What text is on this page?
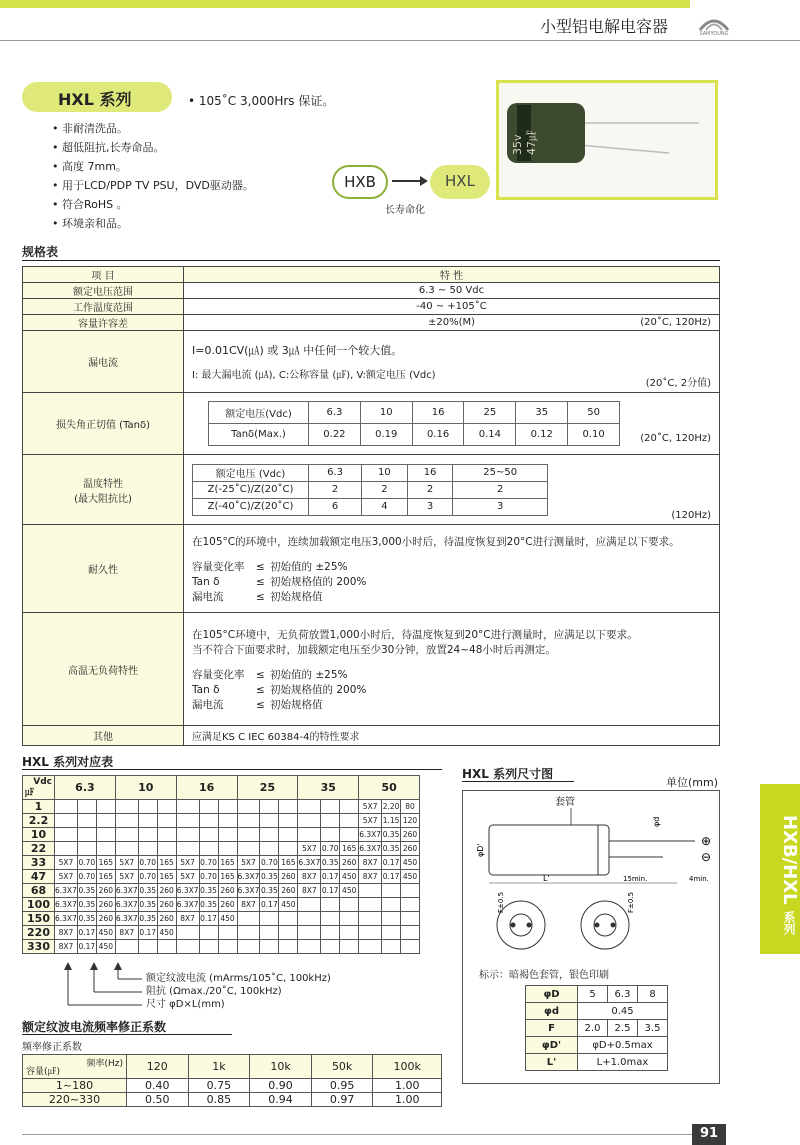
小型铝电解电容器	SAMYOUNG
HXL 系列	• 105˚C 3,000Hrs 保证。
• 非耐清洗品。
• 超低阻抗,长寿命品。
• 高度 7mm。
• 用于LCD/PDP TV PSU，DVD驱动器。
• 符合RoHS 。
• 环境亲和品。
HXB	HXL
长寿命化
35v 47㎌
规格表
项 目	特 性
额定电压范围	6.3 ~ 50 Vdc
工作温度范围	-40 ~ +105˚C
容量许容差	±20%(M)	(20˚C, 120Hz)

漏电流	
I=0.01CV(㎂) 或 3㎂ 中任何一个较大值。
I: 最大漏电流 (㎂), C:公称容量 (㎌), V:额定电压 (Vdc)
(20˚C, 2分值)

损失角正切值 (Tanδ)	
额定电压(Vdc)	6.3	10	16	25	35	50
Tanδ(Max.)	0.22	0.19	0.16	0.14	0.12	0.10	(20˚C, 120Hz)

温度特性
(最大阻抗比)

额定电压 (Vdc)	6.3	10	16	25~50
Z(-25˚C)/Z(20˚C)	2	2	2	2
Z(-40˚C)/Z(20˚C)	6	4	3	3
(120Hz)

耐久性	
在105°C的环境中，连续加载额定电压3,000小时后，待温度恢复到20°C进行测量时，应满足以下要求。
容量变化率 ≤ 初始值的 ±25%
Tan δ	≤ 初始规格值的 200%
漏电流	≤ 初始规格值

高温无负荷特性	
在105°C环境中，无负荷放置1,000小时后，待温度恢复到20°C进行测量时，应满足以下要求。
当不符合下面要求时，加载额定电压至少30分钟，放置24~48小时后再测定。
容量变化率 ≤ 初始值的 ±25%
Tan δ	≤ 初始规格值的 200%
漏电流	≤ 初始规格值

其他	应满足KS C IEC 60384-4的特性要求
HXL 系列对应表
Vdc
㎌	6.3			10			16			25			35			50		
1																5X7	2.20	80
2.2																5X7	1.15	120
10																6.3X7	0.35	260
22													5X7	0.70	165	6.3X7	0.35	260
33	5X7	0.70	165	5X7	0.70	165	5X7	0.70	165	5X7	0.70	165	6.3X7	0.35	260	8X7	0.17	450
47	5X7	0.70	165	5X7	0.70	165	5X7	0.70	165	6.3X7	0.35	260	8X7	0.17	450	8X7	0.17	450
68	6.3X7	0.35	260	6.3X7	0.35	260	6.3X7	0.35	260	6.3X7	0.35	260	8X7	0.17	450			
100	6.3X7	0.35	260	6.3X7	0.35	260	6.3X7	0.35	260	8X7	0.17	450						
150	6.3X7	0.35	260	6.3X7	0.35	260	8X7	0.17	450									
220	8X7	0.17	450	8X7	0.17	450												
330	8X7	0.17	450															
额定纹波电流 (mArms/105˚C, 100kHz)
阻抗 (Ωmax./20˚C, 100kHz)
尺寸 φD×L(mm)
额定纹波电流频率修正系数
频率修正系数
频率(Hz)
容量(㎌)	120	1k	10k	50k	100k
1~180	0.40	0.75	0.90	0.95	1.00
220~330	0.50	0.85	0.94	0.97	1.00
HXL 系列尺寸图
单位(mm)
套管
⊕
⊖
φD'
φd
L'	15min.	4min.
F±0.5	F±0.5
标示：暗褐色套管，银色印刷
φD	5	6.3	8
φd	0.45		
F	2.0	2.5	3.5
φD'	φD+0.5max		
L'	L+1.0max		
HXB/HXL 系列
91
